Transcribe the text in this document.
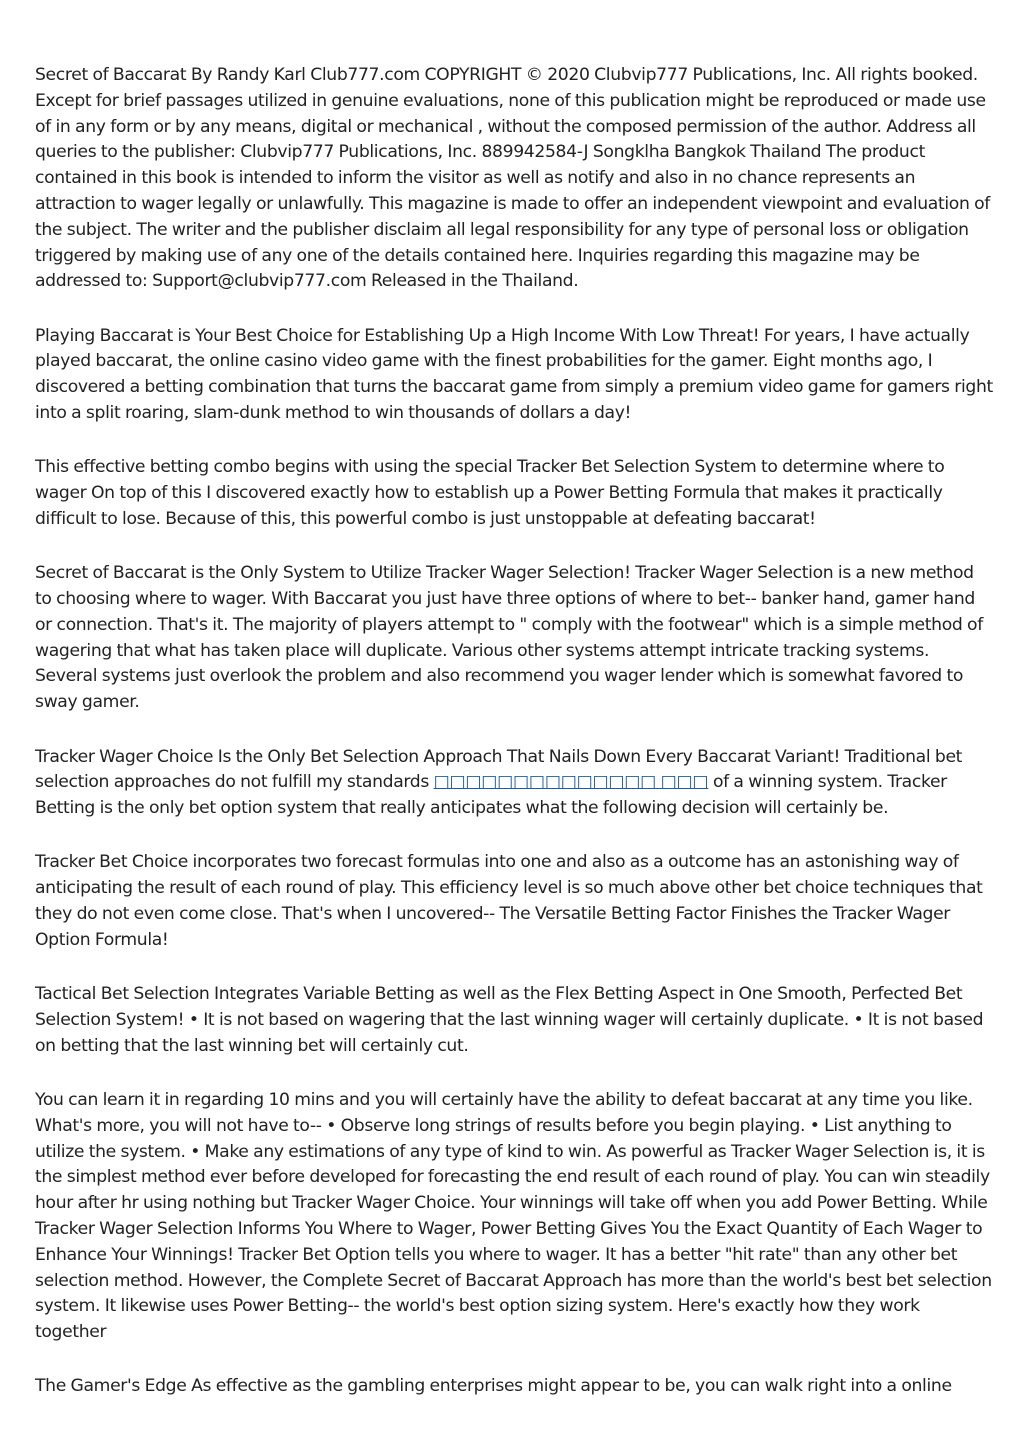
Secret of Baccarat By Randy Karl Club777.com COPYRIGHT © 2020 Clubvip777 Publications, Inc. All rights booked. Except for brief passages utilized in genuine evaluations, none of this publication might be reproduced or made use of in any form or by any means, digital or mechanical , without the composed permission of the author. Address all queries to the publisher: Clubvip777 Publications, Inc. 889942584-J Songklha Bangkok Thailand The product contained in this book is intended to inform the visitor as well as notify and also in no chance represents an attraction to wager legally or unlawfully. This magazine is made to offer an independent viewpoint and evaluation of the subject. The writer and the publisher disclaim all legal responsibility for any type of personal loss or obligation triggered by making use of any one of the details contained here. Inquiries regarding this magazine may be addressed to: Support@clubvip777.com Released in the Thailand.

Playing Baccarat is Your Best Choice for Establishing Up a High Income With Low Threat! For years, I have actually played baccarat, the online casino video game with the finest probabilities for the gamer. Eight months ago, I discovered a betting combination that turns the baccarat game from simply a premium video game for gamers right into a split roaring, slam-dunk method to win thousands of dollars a day!

This effective betting combo begins with using the special Tracker Bet Selection System to determine where to wager On top of this I discovered exactly how to establish up a Power Betting Formula that makes it practically difficult to lose. Because of this, this powerful combo is just unstoppable at defeating baccarat!

Secret of Baccarat is the Only System to Utilize Tracker Wager Selection! Tracker Wager Selection is a new method to choosing where to wager. With Baccarat you just have three options of where to bet-- banker hand, gamer hand or connection. That's it. The majority of players attempt to " comply with the footwear" which is a simple method of wagering that what has taken place will duplicate. Various other systems attempt intricate tracking systems. Several systems just overlook the problem and also recommend you wager lender which is somewhat favored to sway gamer.

Tracker Wager Choice Is the Only Bet Selection Approach That Nails Down Every Baccarat Variant! Traditional bet selection approaches do not fulfill my standards □□□□□□□□□□□□□□ □□□ of a winning system. Tracker Betting is the only bet option system that really anticipates what the following decision will certainly be.

Tracker Bet Choice incorporates two forecast formulas into one and also as a outcome has an astonishing way of anticipating the result of each round of play. This efficiency level is so much above other bet choice techniques that they do not even come close. That's when I uncovered-- The Versatile Betting Factor Finishes the Tracker Wager Option Formula!

Tactical Bet Selection Integrates Variable Betting as well as the Flex Betting Aspect in One Smooth, Perfected Bet Selection System! • It is not based on wagering that the last winning wager will certainly duplicate. • It is not based on betting that the last winning bet will certainly cut.

You can learn it in regarding 10 mins and you will certainly have the ability to defeat baccarat at any time you like. What's more, you will not have to-- • Observe long strings of results before you begin playing. • List anything to utilize the system. • Make any estimations of any type of kind to win. As powerful as Tracker Wager Selection is, it is the simplest method ever before developed for forecasting the end result of each round of play. You can win steadily hour after hr using nothing but Tracker Wager Choice. Your winnings will take off when you add Power Betting. While Tracker Wager Selection Informs You Where to Wager, Power Betting Gives You the Exact Quantity of Each Wager to Enhance Your Winnings! Tracker Bet Option tells you where to wager. It has a better "hit rate" than any other bet selection method. However, the Complete Secret of Baccarat Approach has more than the world's best bet selection system. It likewise uses Power Betting-- the world's best option sizing system. Here's exactly how they work together

The Gamer's Edge As effective as the gambling enterprises might appear to be, you can walk right into a online
